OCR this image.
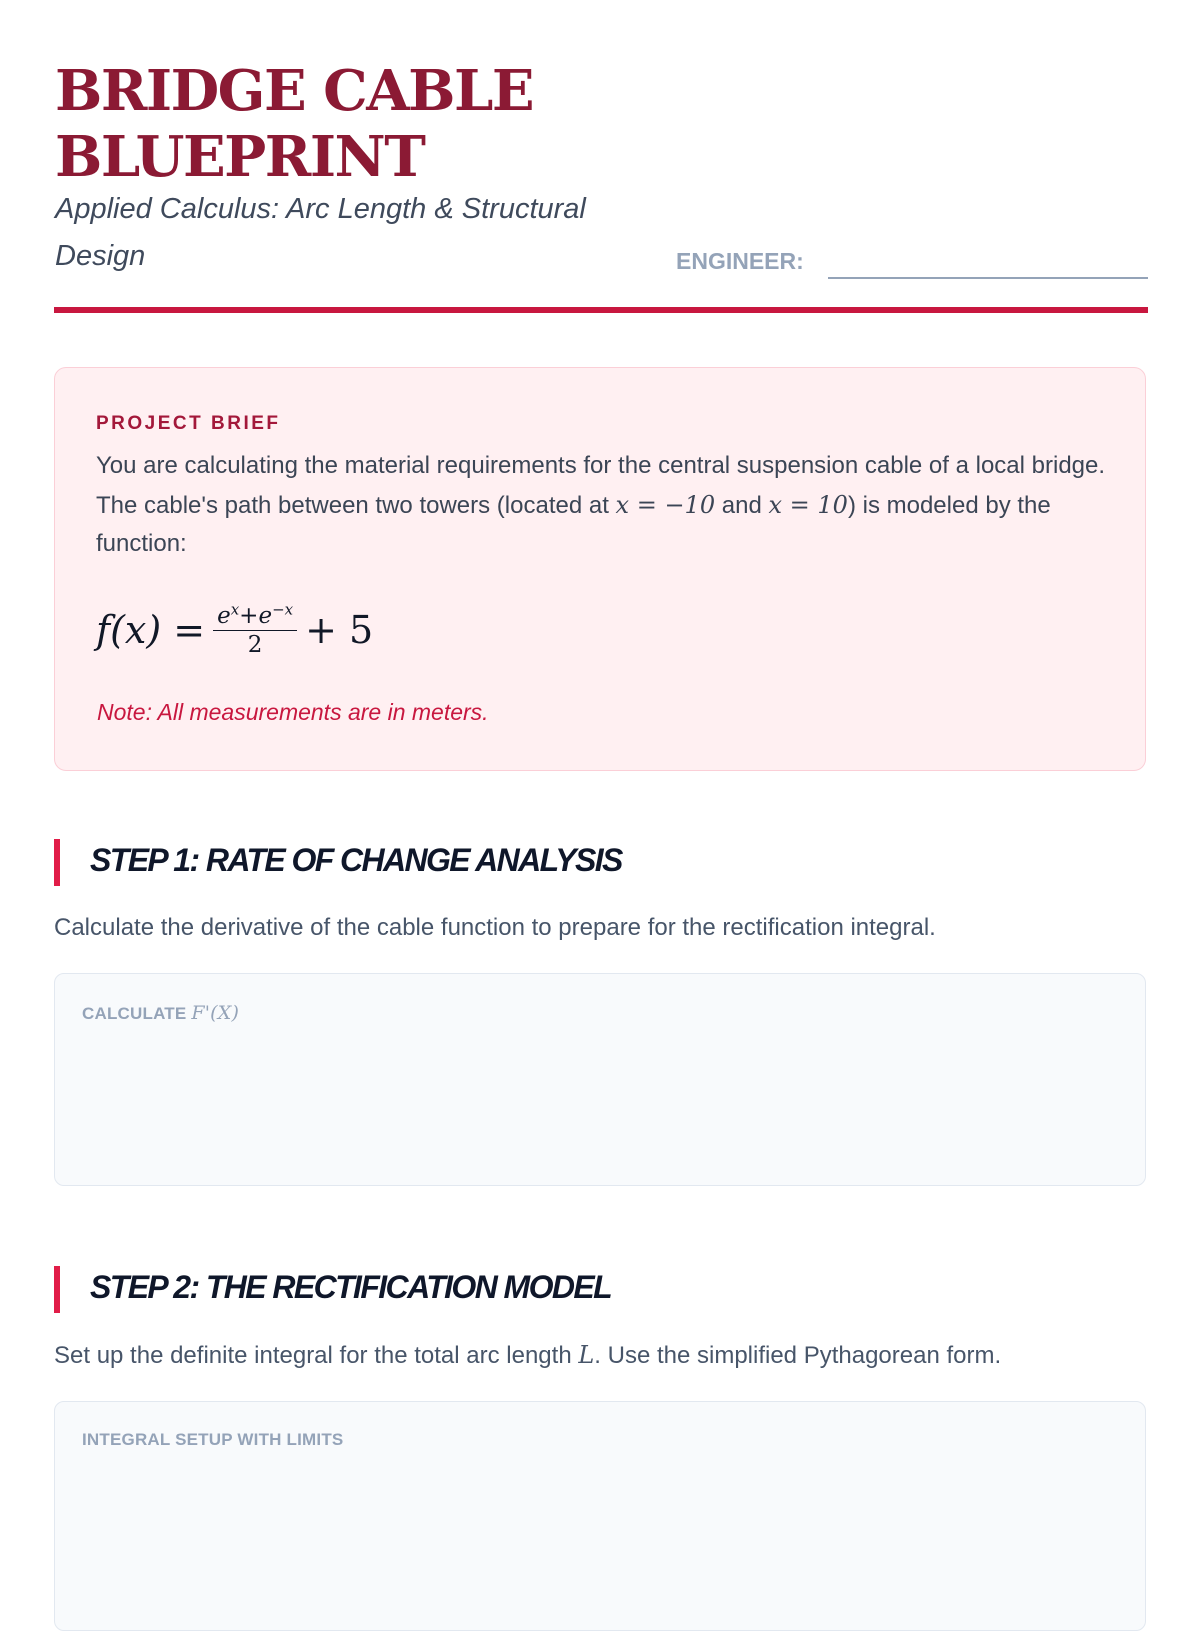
BRIDGE CABLE BLUEPRINT

Applied Calculus: Arc Length & Structural Design	ENGINEER:
PROJECT BRIEF

You are calculating the material requirements for the central suspension cable of a local bridge. The cable's path between two towers (located at x = −10 and x = 10) is modeled by the function:

$f(x) = \frac{e^x+e^{-x}}{2} + 5$
Note: All measurements are in meters.
STEP 1: RATE OF CHANGE ANALYSIS

Calculate the derivative of the cable function to prepare for the rectification integral.

CALCULATE F'(X)
STEP 2: THE RECTIFICATION MODEL

Set up the definite integral for the total arc length L. Use the simplified Pythagorean form.

INTEGRAL SETUP WITH LIMITS
